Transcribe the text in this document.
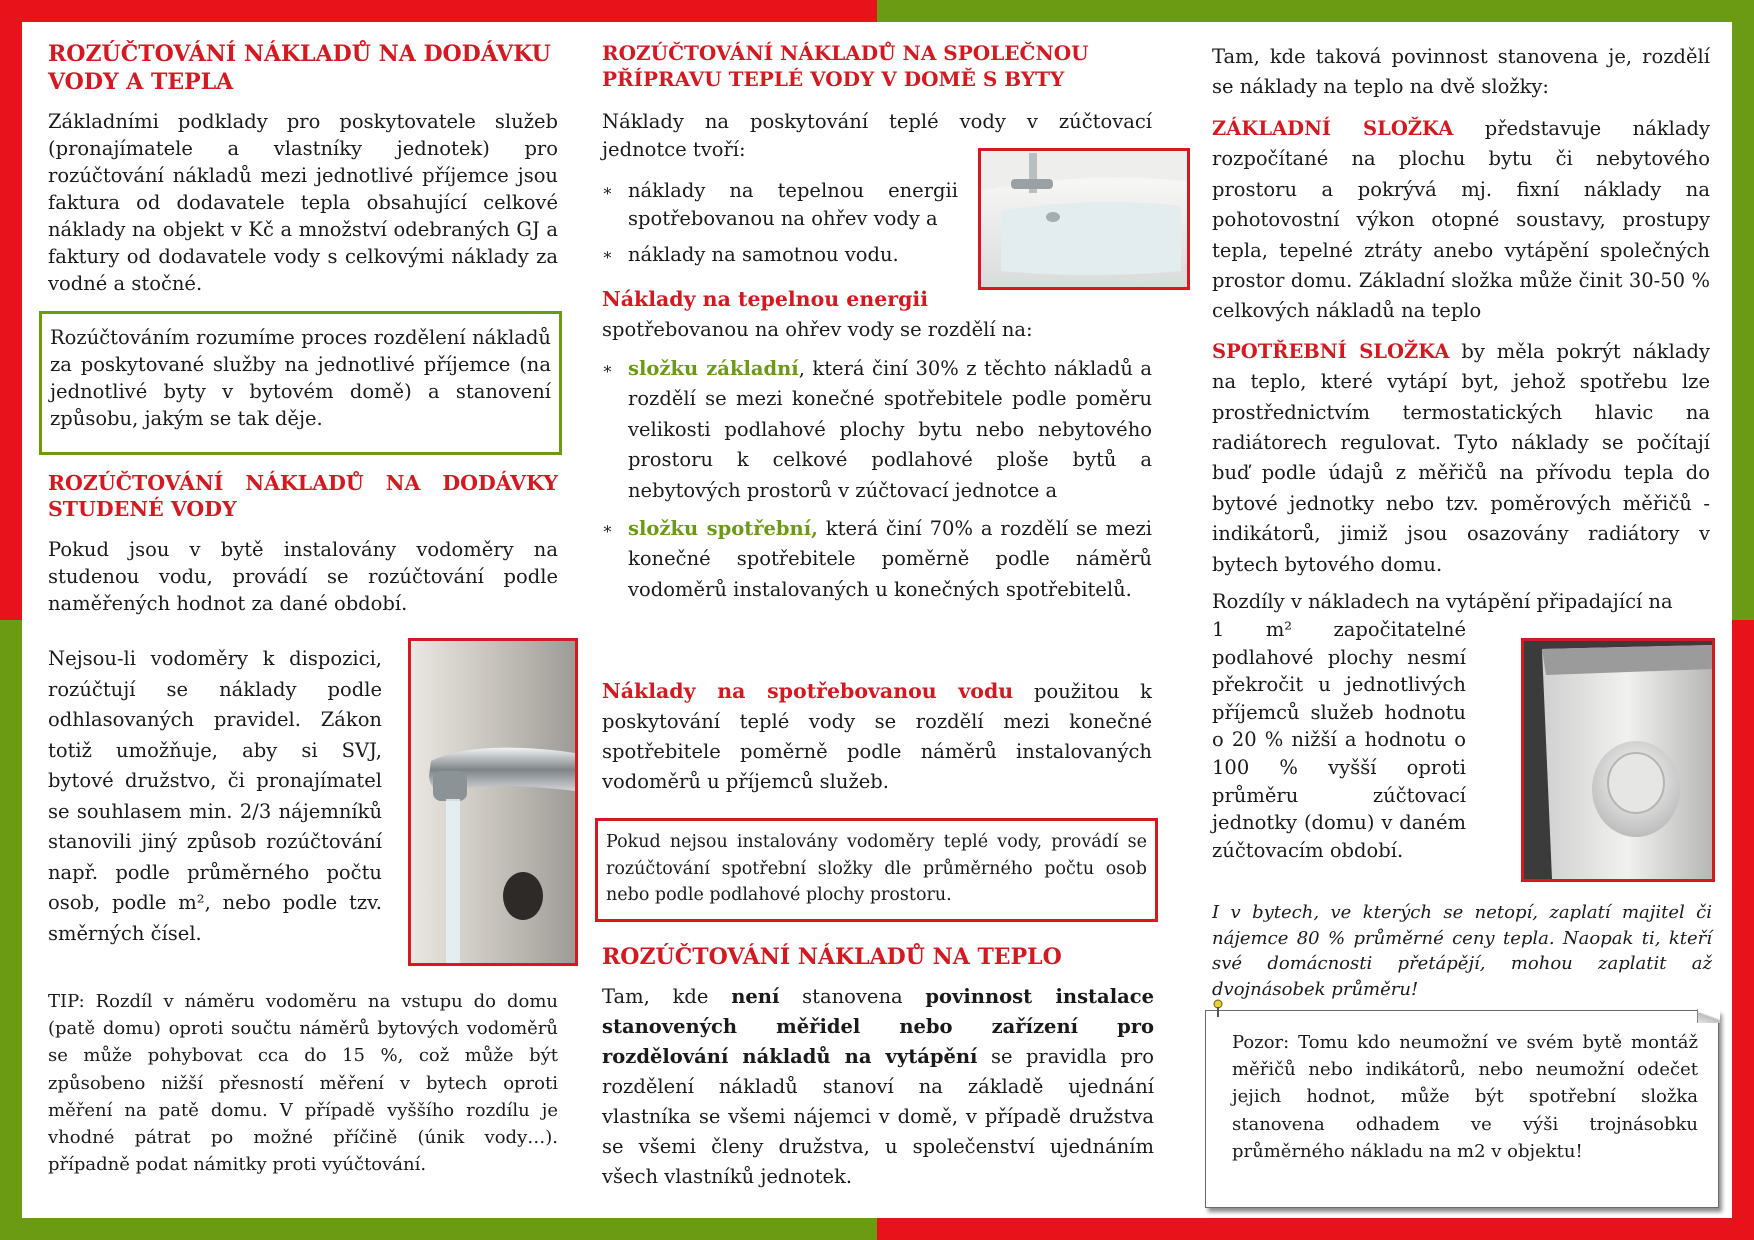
ROZÚČTOVÁNÍ NÁKLADŮ NA DODÁVKU VODY A TEPLA

Základními podklady pro poskytovatele služeb (pronajímatele a vlastníky jednotek) pro rozúčtování nákladů mezi jednotlivé příjemce jsou faktura od dodavatele tepla obsahující celkové náklady na objekt v Kč a množství odebraných GJ a faktury od dodavatele vody s celkovými náklady za vodné a stočné.

Rozúčtováním rozumíme proces rozdělení nákladů za poskytované služby na jednotlivé příjemce (na jednotlivé byty v bytovém domě) a stanovení způsobu, jakým se tak děje.

ROZÚČTOVÁNÍ NÁKLADŮ NA DODÁVKY STUDENÉ VODY

Pokud jsou v bytě instalovány vodoměry na studenou vodu, provádí se rozúčtování podle naměřených hodnot za dané období.

Nejsou-li vodoměry k dispozici, rozúčtují se náklady podle odhlasovaných pravidel. Zákon totiž umožňuje, aby si SVJ, bytové družstvo, či pronajímatel se souhlasem min. 2/3 nájemníků stanovili jiný způsob rozúčtování např. podle průměrného počtu osob, podle m², nebo podle tzv. směrných čísel.

TIP: Rozdíl v náměru vodoměru na vstupu do domu (patě domu) oproti součtu náměrů bytových vodoměrů se může pohybovat cca do 15 %, což může být způsobeno nižší přesností měření v bytech oproti měření na patě domu. V případě vyššího rozdílu je vhodné pátrat po možné příčině (únik vody…). případně podat námitky proti vyúčtování.

ROZÚČTOVÁNÍ NÁKLADŮ NA SPOLEČNOU PŘÍPRAVU TEPLÉ VODY V DOMĚ S BYTY

Náklady na poskytování teplé vody v zúčtovací jednotce tvoří:

∗ náklady na tepelnou energii spotřebovanou na ohřev vody a
∗ náklady na samotnou vodu.

Náklady na tepelnou energii
spotřebovanou na ohřev vody se rozdělí na:

∗ složku základní, která činí 30% z těchto nákladů a rozdělí se mezi konečné spotřebitele podle poměru velikosti podlahové plochy bytu nebo nebytového prostoru k celkové podlahové ploše bytů a nebytových prostorů v zúčtovací jednotce a
∗ složku spotřební, která činí 70% a rozdělí se mezi konečné spotřebitele poměrně podle náměrů vodoměrů instalovaných u konečných spotřebitelů.

Náklady na spotřebovanou vodu použitou k poskytování teplé vody se rozdělí mezi konečné spotřebitele poměrně podle náměrů instalovaných vodoměrů u příjemců služeb.

Pokud nejsou instalovány vodoměry teplé vody, provádí se rozúčtování spotřební složky dle průměrného počtu osob nebo podle podlahové plochy prostoru.

ROZÚČTOVÁNÍ NÁKLADŮ NA TEPLO

Tam, kde není stanovena povinnost instalace stanovených měřidel nebo zařízení pro rozdělování nákladů na vytápění se pravidla pro rozdělení nákladů stanoví na základě ujednání vlastníka se všemi nájemci v domě, v případě družstva se všemi členy družstva, u společenství ujednáním všech vlastníků jednotek.

Tam, kde taková povinnost stanovena je, rozdělí se náklady na teplo na dvě složky:

ZÁKLADNÍ SLOŽKA představuje náklady rozpočítané na plochu bytu či nebytového prostoru a pokrývá mj. fixní náklady na pohotovostní výkon otopné soustavy, prostupy tepla, tepelné ztráty anebo vytápění společných prostor domu. Základní složka může činit 30-50 % celkových nákladů na teplo

SPOTŘEBNÍ SLOŽKA by měla pokrýt náklady na teplo, které vytápí byt, jehož spotřebu lze prostřednictvím termostatických hlavic na radiátorech regulovat. Tyto náklady se počítají buď podle údajů z měřičů na přívodu tepla do bytové jednotky nebo tzv. poměrových měřičů - indikátorů, jimiž jsou osazovány radiátory v bytech bytového domu.

Rozdíly v nákladech na vytápění připadající na

1 m² započitatelné podlahové plochy nesmí překročit u jednotlivých příjemců služeb hodnotu o 20 % nižší a hodnotu o 100 % vyšší oproti průměru zúčtovací jednotky (domu) v daném zúčtovacím období.

I v bytech, ve kterých se netopí, zaplatí majitel či nájemce 80 % průměrné ceny tepla. Naopak ti, kteří své domácnosti přetápějí, mohou zaplatit až dvojnásobek průměru!

Pozor: Tomu kdo neumožní ve svém bytě montáž měřičů nebo indikátorů, nebo neumožní odečet jejich hodnot, může být spotřební složka stanovena odhadem ve výši trojnásobku průměrného nákladu na m2 v objektu!
